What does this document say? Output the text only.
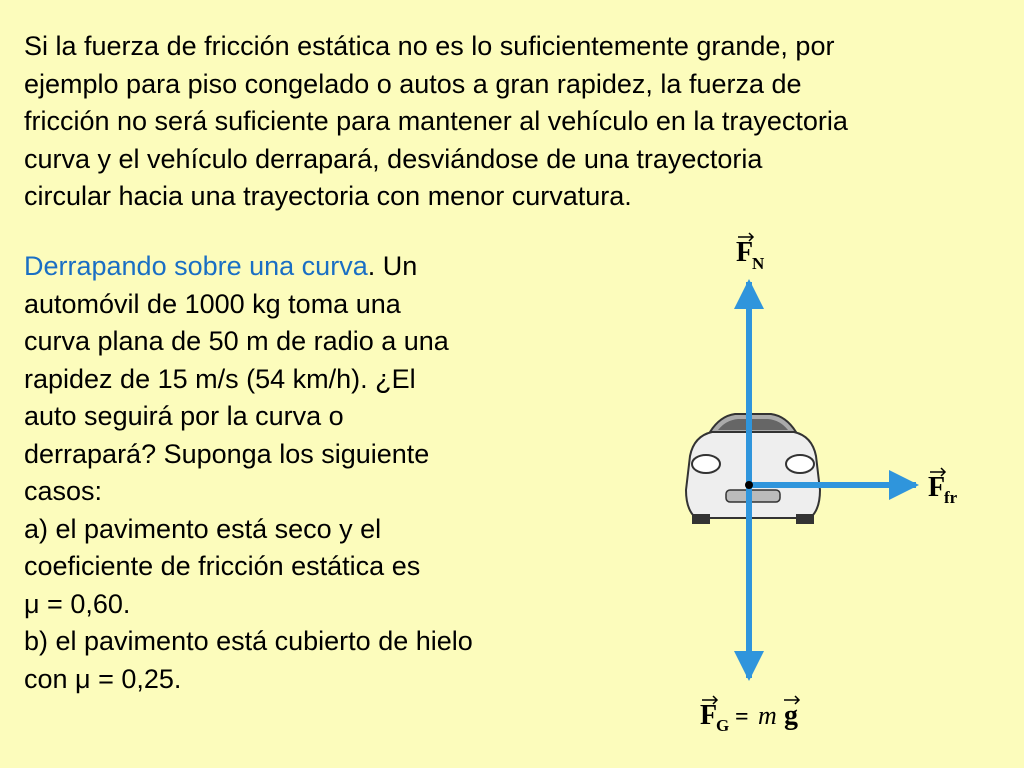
Si la fuerza de fricción estática no es lo suficientemente grande, por
ejemplo para piso congelado o autos a gran rapidez, la fuerza de
fricción no será suficiente para mantener al vehículo en la trayectoria
curva y el vehículo derrapará, desviándose de una trayectoria
circular hacia una trayectoria con menor curvatura.
Derrapando sobre una curva. Un
automóvil de 1000 kg toma una
curva plana de 50 m de radio a una
rapidez de 15 m/s (54 km/h). ¿El
auto seguirá por la curva o
derrapará? Suponga los siguiente
casos:
a) el pavimento está seco y el
coeficiente de fricción estática es
μ = 0,60.
b) el pavimento está cubierto de hielo
con μ = 0,25.
F
N
F
fr
F
G = m g
